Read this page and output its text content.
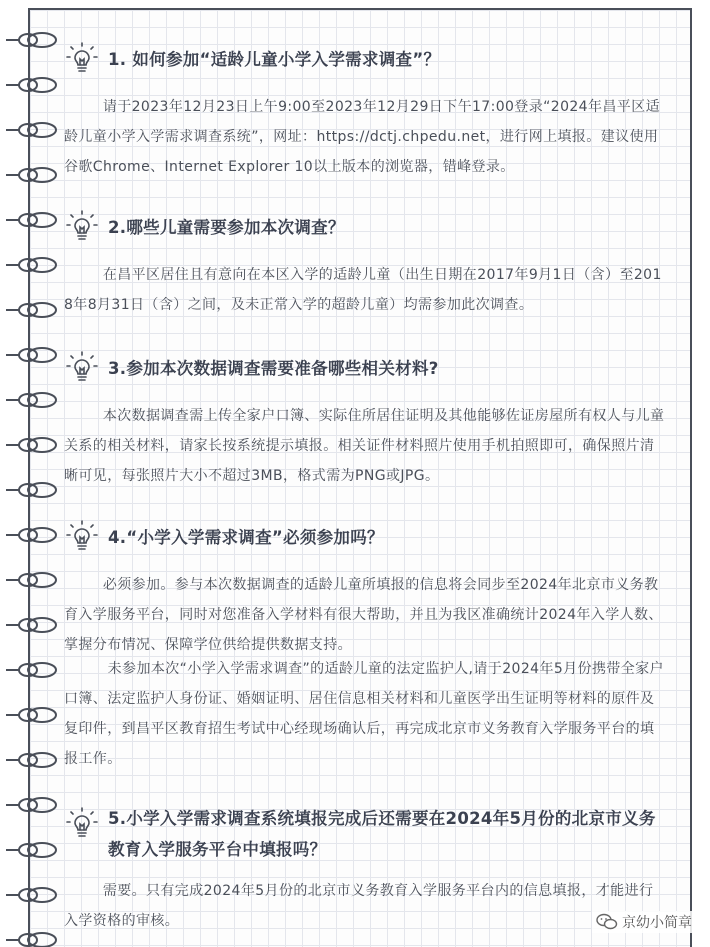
1. 如何参加“适龄儿童小学入学需求调查”？
请于2023年12月23日上午9:00至2023年12月29日下午17:00登录“2024年昌平区适龄儿童小学入学需求调查系统”，网址：https://dctj.chpedu.net，进行网上填报。建议使用谷歌Chrome、Internet Explorer 10以上版本的浏览器，错峰登录。
2.哪些儿童需要参加本次调查？
在昌平区居住且有意向在本区入学的适龄儿童（出生日期在2017年9月1日（含）至2018年8月31日（含）之间，及未正常入学的超龄儿童）均需参加此次调查。
3.参加本次数据调查需要准备哪些相关材料?
本次数据调查需上传全家户口簿、实际住所居住证明及其他能够佐证房屋所有权人与儿童关系的相关材料，请家长按系统提示填报。相关证件材料照片使用手机拍照即可，确保照片清晰可见，每张照片大小不超过3MB，格式需为PNG或JPG。
4.“小学入学需求调查”必须参加吗？
必须参加。参与本次数据调查的适龄儿童所填报的信息将会同步至2024年北京市义务教育入学服务平台，同时对您准备入学材料有很大帮助，并且为我区准确统计2024年入学人数、掌握分布情况、保障学位供给提供数据支持。
未参加本次“小学入学需求调查”的适龄儿童的法定监护人,请于2024年5月份携带全家户口簿、法定监护人身份证、婚姻证明、居住信息相关材料和儿童医学出生证明等材料的原件及复印件，到昌平区教育招生考试中心经现场确认后，再完成北京市义务教育入学服务平台的填报工作。
5.小学入学需求调查系统填报完成后还需要在2024年5月份的北京市义务教育入学服务平台中填报吗？
需要。只有完成2024年5月份的北京市义务教育入学服务平台内的信息填报，才能进行入学资格的审核。	京幼小简章
